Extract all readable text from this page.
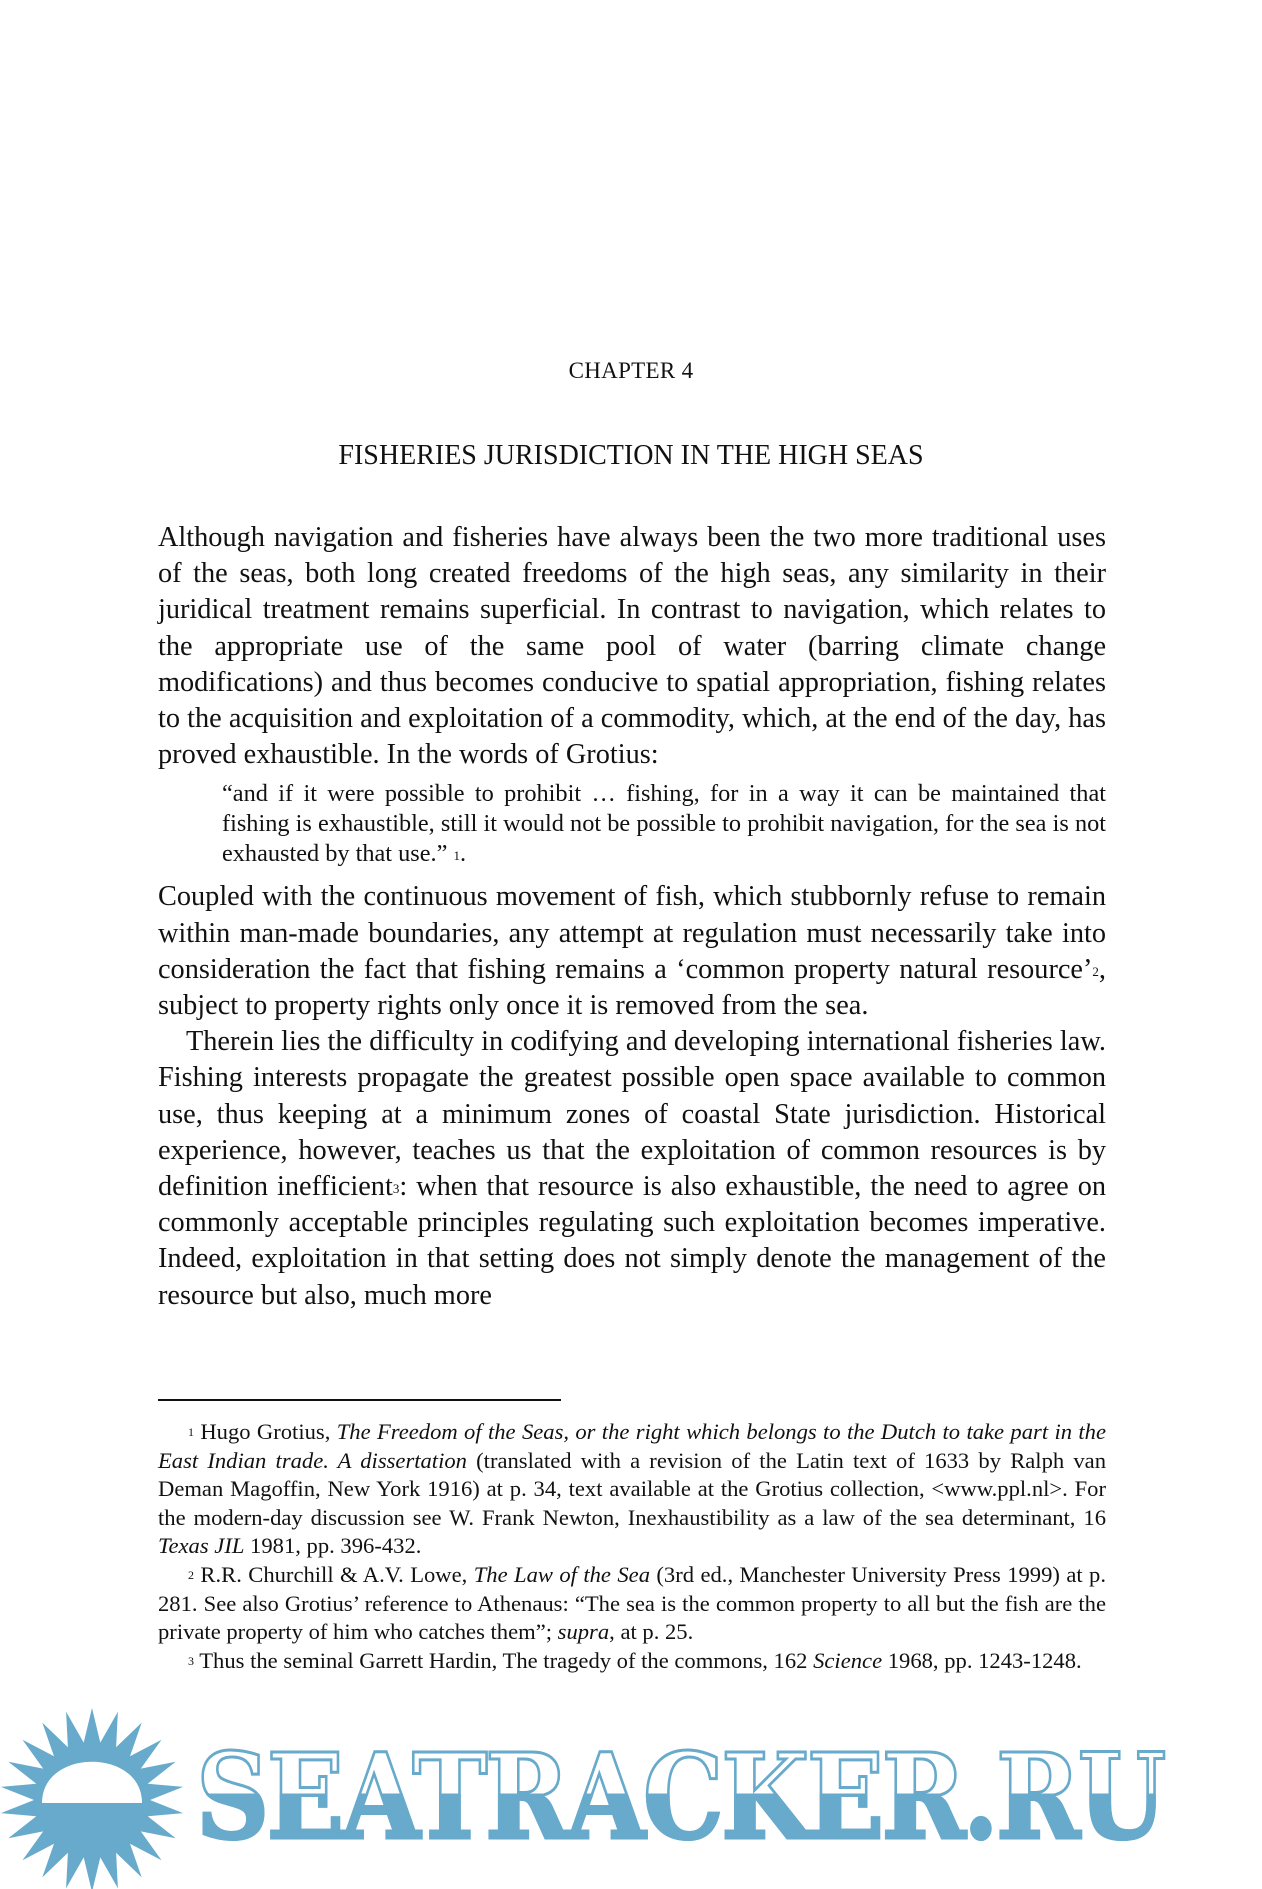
CHAPTER 4
FISHERIES JURISDICTION IN THE HIGH SEAS

Although navigation and fisheries have always been the two more traditional uses of the seas, both long created freedoms of the high seas, any similarity in their juridical treatment remains superficial. In contrast to navigation, which relates to the appropriate use of the same pool of water (barring climate change modifications) and thus becomes conducive to spatial appropriation, fishing relates to the acquisition and exploitation of a commodity, which, at the end of the day, has proved exhaustible. In the words of Grotius:

“and if it were possible to prohibit … fishing, for in a way it can be maintained that fishing is exhaustible, still it would not be possible to prohibit navigation, for the sea is not exhausted by that use.” $^1$.

Coupled with the continuous movement of fish, which stubbornly refuse to remain within man-made boundaries, any attempt at regulation must necessarily take into consideration the fact that fishing remains a ‘common property natural resource’$^2$, subject to property rights only once it is removed from the sea.

Therein lies the difficulty in codifying and developing international fisheries law. Fishing interests propagate the greatest possible open space available to common use, thus keeping at a minimum zones of coastal State jurisdiction. Historical experience, however, teaches us that the exploitation of common resources is by definition inefficient$^3$: when that resource is also exhaustible, the need to agree on commonly acceptable principles regulating such exploitation becomes imperative. Indeed, exploitation in that setting does not simply denote the management of the resource but also, much more

$^1$ Hugo Grotius, The Freedom of the Seas, or the right which belongs to the Dutch to take part in the East Indian trade. A dissertation (translated with a revision of the Latin text of 1633 by Ralph van Deman Magoffin, New York 1916) at p. 34, text available at the Grotius collection, <www.ppl.nl>. For the modern-day discussion see W. Frank Newton, Inexhaustibility as a law of the sea determinant, 16 Texas JIL 1981, pp. 396-432.

$^2$ R.R. Churchill & A.V. Lowe, The Law of the Sea (3rd ed., Manchester University Press 1999) at p. 281. See also Grotius’ reference to Athenaus: “The sea is the common property to all but the fish are the private property of him who catches them”; supra, at p. 25.

$^3$ Thus the seminal Garrett Hardin, The tragedy of the commons, 162 Science 1968, pp. 1243-1248.

SEATRACKER.RU
